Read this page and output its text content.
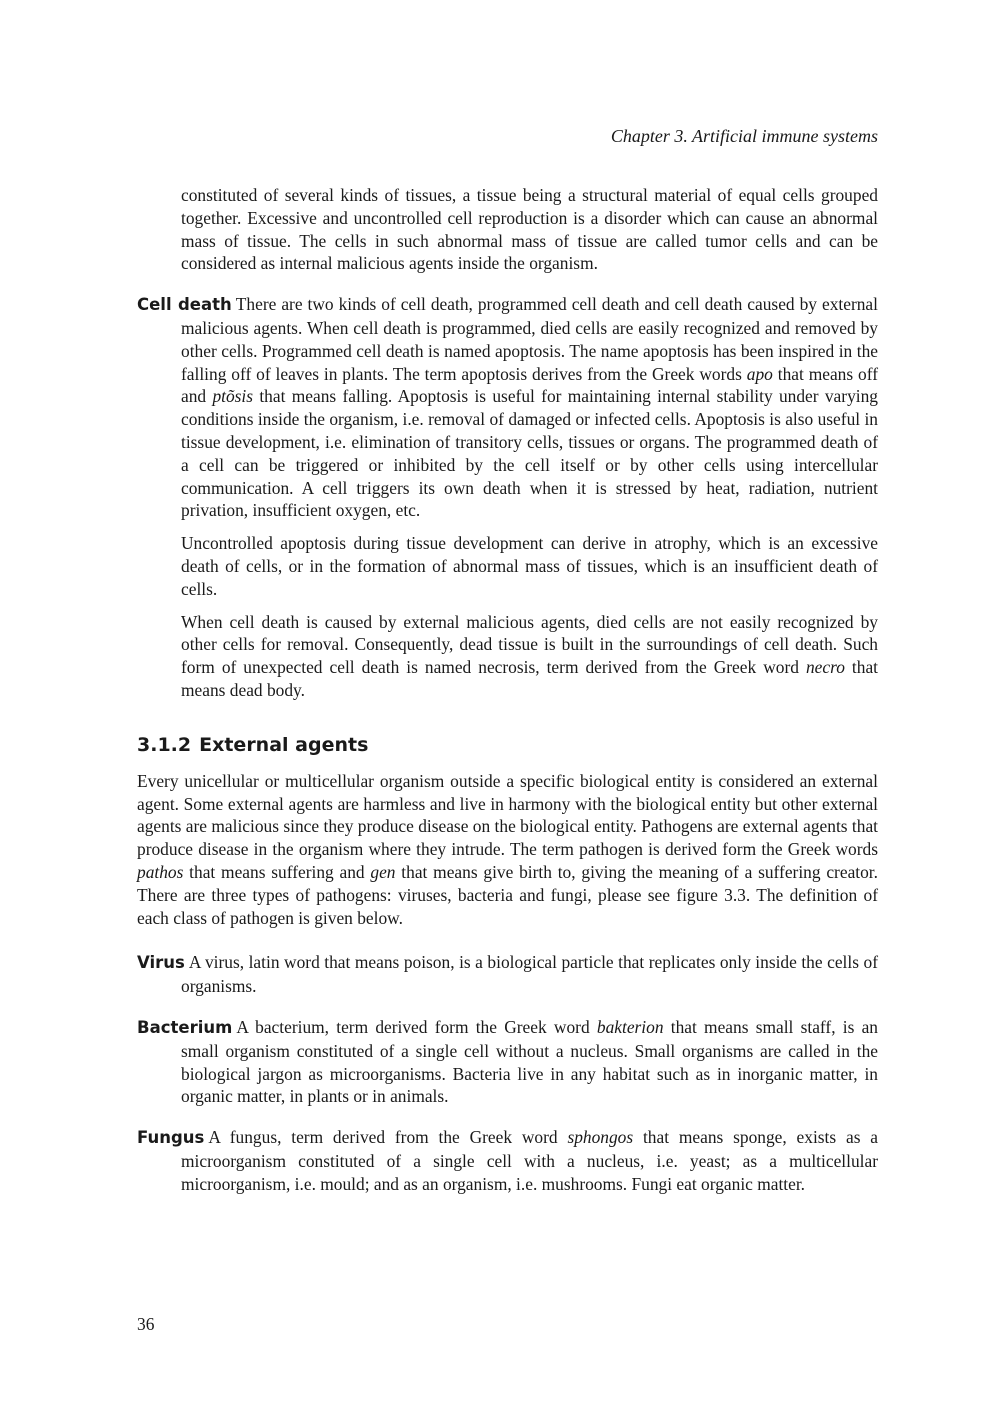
Chapter 3. Artificial immune systems

constituted of several kinds of tissues, a tissue being a structural material of equal cells grouped together. Excessive and uncontrolled cell reproduction is a disorder which can cause an abnormal mass of tissue. The cells in such abnormal mass of tissue are called tumor cells and can be considered as internal malicious agents inside the organism.

Cell death There are two kinds of cell death, programmed cell death and cell death caused by external malicious agents. When cell death is programmed, died cells are easily recognized and removed by other cells. Programmed cell death is named apoptosis. The name apoptosis has been inspired in the falling off of leaves in plants. The term apoptosis derives from the Greek words apo that means off and ptõsis that means falling. Apoptosis is useful for maintaining internal stability under varying conditions inside the organism, i.e. removal of damaged or infected cells. Apoptosis is also useful in tissue development, i.e. elimination of transitory cells, tissues or organs. The programmed death of a cell can be triggered or inhibited by the cell itself or by other cells using intercellular communication. A cell triggers its own death when it is stressed by heat, radiation, nutrient privation, insufficient oxygen, etc.

Uncontrolled apoptosis during tissue development can derive in atrophy, which is an excessive death of cells, or in the formation of abnormal mass of tissues, which is an insufficient death of cells.

When cell death is caused by external malicious agents, died cells are not easily recognized by other cells for removal. Consequently, dead tissue is built in the surroundings of cell death. Such form of unexpected cell death is named necrosis, term derived from the Greek word necro that means dead body.

3.1.2 External agents

Every unicellular or multicellular organism outside a specific biological entity is considered an external agent. Some external agents are harmless and live in harmony with the biological entity but other external agents are malicious since they produce disease on the biological entity. Pathogens are external agents that produce disease in the organism where they intrude. The term pathogen is derived form the Greek words pathos that means suffering and gen that means give birth to, giving the meaning of a suffering creator. There are three types of pathogens: viruses, bacteria and fungi, please see figure 3.3. The definition of each class of pathogen is given below.

Virus A virus, latin word that means poison, is a biological particle that replicates only inside the cells of organisms.
Bacterium A bacterium, term derived form the Greek word bakterion that means small staff, is an small organism constituted of a single cell without a nucleus. Small organisms are called in the biological jargon as microorganisms. Bacteria live in any habitat such as in inorganic matter, in organic matter, in plants or in animals.
Fungus A fungus, term derived from the Greek word sphongos that means sponge, exists as a microorganism constituted of a single cell with a nucleus, i.e. yeast; as a multicellular microorganism, i.e. mould; and as an organism, i.e. mushrooms. Fungi eat organic matter.
36
